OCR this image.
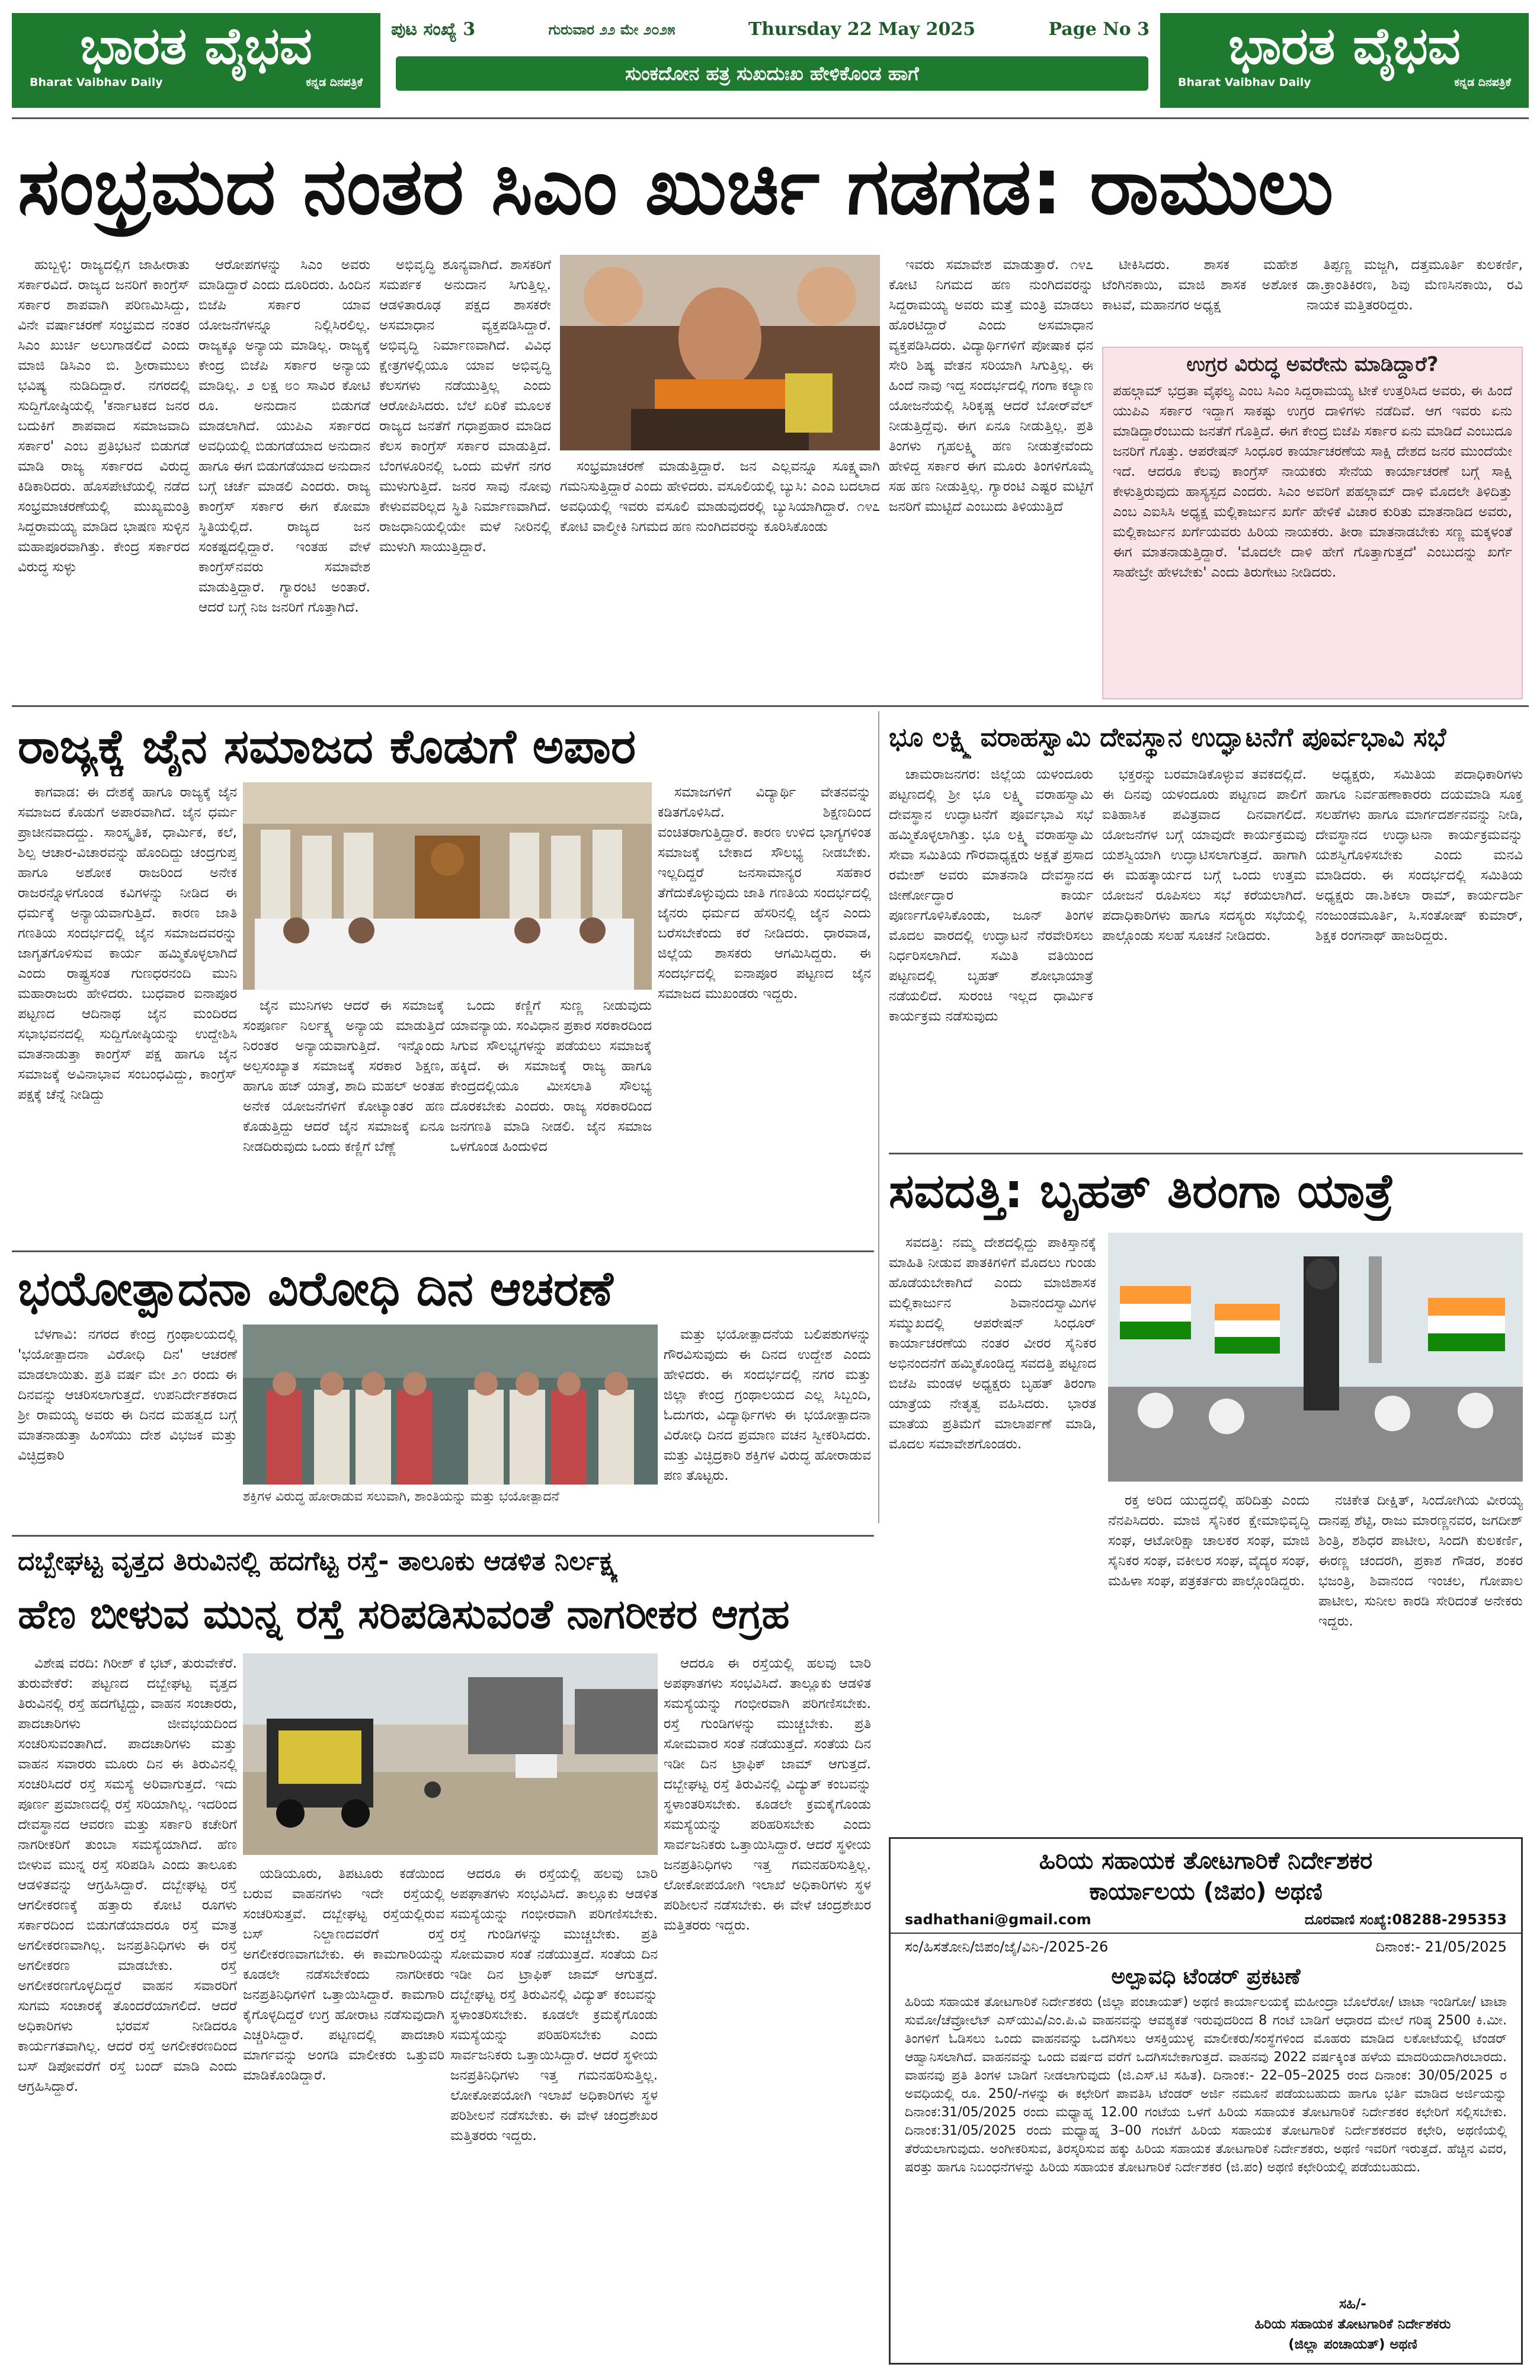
ಭಾರತ ವೈಭವ
Bharat Vaibhav Daily	ಕನ್ನಡ ದಿನಪತ್ರಿಕೆ
ಪುಟ ಸಂಖ್ಯೆ 3	ಗುರುವಾರ ೨೨ ಮೇ ೨೦೨೫	Thursday 22 May 2025	Page No 3
ಸುಂಕದೋನ ಹತ್ರ ಸುಖದುಃಖ ಹೇಳಿಕೊಂಡ ಹಾಗೆ	ಭಾರತ ವೈಭವ
Bharat Vaibhav Daily	ಕನ್ನಡ ದಿನಪತ್ರಿಕೆ
ಸಂಭ್ರಮದ ನಂತರ ಸಿಎಂ ಖುರ್ಚಿ ಗಡಗಡ: ರಾಮುಲು

ಹುಬ್ಬಳ್ಳಿ: ರಾಜ್ಯದಲ್ಲಿಗ ಜಾಹೀರಾತು ಸರ್ಕಾರವಿದೆ. ರಾಜ್ಯದ ಜನರಿಗೆ ಕಾಂಗ್ರೆಸ್ ಸರ್ಕಾರ ಶಾಪವಾಗಿ ಪರಿಣಮಿಸಿದ್ದು, ವಿನೇ ವರ್ಷಾಚರಣೆ ಸಂಭ್ರಮದ ನಂತರ ಸಿಎಂ ಖುರ್ಚಿ ಅಲುಗಾಡಲಿದೆ ಎಂದು ಮಾಜಿ ಡಿಸಿಎಂ ಬಿ. ಶ್ರೀರಾಮುಲು ಭವಿಷ್ಯ ನುಡಿದಿದ್ದಾರೆ. ನಗರದಲ್ಲಿ ಸುದ್ದಿಗೋಷ್ಠಿಯಲ್ಲಿ 'ಕರ್ನಾಟಕದ ಜನರ ಬದುಕಿಗೆ ಶಾಪವಾದ ಸಮಾಜವಾದಿ ಸರ್ಕಾರ' ಎಂಬ ಪ್ರತಿಭಟನೆ ಬಿಡುಗಡೆ ಮಾಡಿ ರಾಜ್ಯ ಸರ್ಕಾರದ ವಿರುದ್ಧ ಕಿಡಿಕಾರಿದರು. ಹೊಸಪೇಟೆಯಲ್ಲಿ ನಡೆದ ಸಂಭ್ರಮಾಚರಣೆಯಲ್ಲಿ ಮುಖ್ಯಮಂತ್ರಿ ಸಿದ್ದರಾಮಯ್ಯ ಮಾಡಿದ ಭಾಷಣ ಸುಳ್ಳಿನ ಮಹಾಪೂರವಾಗಿತ್ತು. ಕೇಂದ್ರ ಸರ್ಕಾರದ ವಿರುದ್ಧ ಸುಳ್ಳು

ಆರೋಪಗಳನ್ನು ಸಿಎಂ ಅವರು ಮಾಡಿದ್ದಾರೆ ಎಂದು ದೂರಿದರು. ಹಿಂದಿನ ಬಿಜೆಪಿ ಸರ್ಕಾರ ಯಾವ ಯೋಜನೆಗಳನ್ನೂ ನಿಲ್ಲಿಸಿರಲಿಲ್ಲ. ರಾಜ್ಯಕ್ಕೂ ಅನ್ಯಾಯ ಮಾಡಿಲ್ಲ. ರಾಜ್ಯಕ್ಕೆ ಕೇಂದ್ರ ಬಿಜೆಪಿ ಸರ್ಕಾರ ಅನ್ಯಾಯ ಮಾಡಿಲ್ಲ. ೨ ಲಕ್ಷ ೮೦ ಸಾವಿರ ಕೋಟಿ ರೂ. ಅನುದಾನ ಬಿಡುಗಡೆ ಮಾಡಲಾಗಿದೆ. ಯುಪಿಎ ಸರ್ಕಾರದ ಅವಧಿಯಲ್ಲಿ ಬಿಡುಗಡೆಯಾದ ಅನುದಾನ ಹಾಗೂ ಈಗ ಬಿಡುಗಡೆಯಾದ ಅನುದಾನ ಬಗ್ಗೆ ಚರ್ಚೆ ಮಾಡಲಿ ಎಂದರು. ರಾಜ್ಯ ಕಾಂಗ್ರೆಸ್ ಸರ್ಕಾರ ಈಗ ಕೋಮಾ ಸ್ಥಿತಿಯಲ್ಲಿದೆ. ರಾಜ್ಯದ ಜನ ಸಂಕಷ್ಟದಲ್ಲಿದ್ದಾರೆ. ಇಂತಹ ವೇಳೆ ಕಾಂಗ್ರೆಸ್‌ನವರು ಸಮಾವೇಶ ಮಾಡುತ್ತಿದ್ದಾರೆ. ಗ್ಯಾರಂಟಿ ಅಂತಾರೆ. ಆದರೆ ಬಗ್ಗೆ ನಿಜ ಜನರಿಗೆ ಗೊತ್ತಾಗಿದೆ.

ಅಭಿವೃದ್ಧಿ ಶೂನ್ಯವಾಗಿದೆ. ಶಾಸಕರಿಗೆ ಸಮರ್ಪಕ ಅನುದಾನ ಸಿಗುತ್ತಿಲ್ಲ. ಆಡಳಿತಾರೂಢ ಪಕ್ಷದ ಶಾಸಕರೇ ಅಸಮಾಧಾನ ವ್ಯಕ್ತಪಡಿಸಿದ್ದಾರೆ. ಅಭಿವೃದ್ಧಿ ನಿರ್ಮಾಣವಾಗಿದೆ. ವಿವಿಧ ಕ್ಷೇತ್ರಗಳಲ್ಲಿಯೂ ಯಾವ ಅಭಿವೃದ್ಧಿ ಕೆಲಸಗಳು ನಡೆಯುತ್ತಿಲ್ಲ ಎಂದು ಆರೋಪಿಸಿದರು. ಬೆಲೆ ಏರಿಕೆ ಮೂಲಕ ರಾಜ್ಯದ ಜನತೆಗೆ ಗಧಾಪ್ರಹಾರ ಮಾಡಿದ ಕೆಲಸ ಕಾಂಗ್ರೆಸ್ ಸರ್ಕಾರ ಮಾಡುತ್ತಿದೆ. ಬೆಂಗಳೂರಿನಲ್ಲಿ ಒಂದು ಮಳೆಗೆ ನಗರ ಮುಳುಗುತ್ತಿದೆ. ಜನರ ಸಾವು ನೋವು ಕೇಳುವವರಿಲ್ಲದ ಸ್ಥಿತಿ ನಿರ್ಮಾಣವಾಗಿದೆ. ರಾಜಧಾನಿಯಲ್ಲಿಯೇ ಮಳೆ ನೀರಿನಲ್ಲಿ ಮುಳುಗಿ ಸಾಯುತ್ತಿದ್ದಾರೆ.

ಸಂಭ್ರಮಾಚರಣೆ ಮಾಡುತ್ತಿದ್ದಾರೆ. ಜನ ಎಲ್ಲವನ್ನೂ ಸೂಕ್ಷ್ಮವಾಗಿ ಗಮನಿಸುತ್ತಿದ್ದಾರೆ ಎಂದು ಹೇಳಿದರು. ವಸೂಲಿಯಲ್ಲಿ ಬ್ಯುಸಿ: ಎಂಎ ಬದಲಾದ ಅವಧಿಯಲ್ಲಿ ಇವರು ವಸೂಲಿ ಮಾಡುವುದರಲ್ಲಿ ಬ್ಯುಸಿಯಾಗಿದ್ದಾರೆ. ೧೪೭ ಕೋಟಿ ವಾಲ್ಮೀಕಿ ನಿಗಮದ ಹಣ ನುಂಗಿದವರನ್ನು ಕೂರಿಸಿಕೊಂಡು

ಇವರು ಸಮಾವೇಶ ಮಾಡುತ್ತಾರೆ. ೧೪೭ ಕೋಟಿ ನಿಗಮದ ಹಣ ನುಂಗಿದವರನ್ನು ಸಿದ್ದರಾಮಯ್ಯ ಅವರು ಮತ್ತೆ ಮಂತ್ರಿ ಮಾಡಲು ಹೊರಟಿದ್ದಾರೆ ಎಂದು ಅಸಮಾಧಾನ ವ್ಯಕ್ತಪಡಿಸಿದರು. ವಿದ್ಯಾರ್ಥಿಗಳಿಗೆ ಪೋಷಾಕ ಧನ ಸೇರಿ ಶಿಷ್ಯ ವೇತನ ಸರಿಯಾಗಿ ಸಿಗುತ್ತಿಲ್ಲ. ಈ ಹಿಂದೆ ನಾವು ಇದ್ದ ಸಂದರ್ಭದಲ್ಲಿ ಗಂಗಾ ಕಲ್ಯಾಣ ಯೋಜನೆಯಲ್ಲಿ ಸಿರಿಕೃಷ್ಣ ಆದರೆ ಬೋರ್‌ವೆಲ್ ನೀಡುತ್ತಿದ್ದೆವು. ಈಗ ಏನೂ ನೀಡುತ್ತಿಲ್ಲ. ಪ್ರತಿ ತಿಂಗಳು ಗೃಹಲಕ್ಷ್ಮಿ ಹಣ ನೀಡುತ್ತೇವೆಂದು ಹೇಳಿದ್ದ ಸರ್ಕಾರ ಈಗ ಮೂರು ತಿಂಗಳಿಗೊಮ್ಮೆ ಸಹ ಹಣ ನೀಡುತ್ತಿಲ್ಲ. ಗ್ಯಾರಂಟಿ ಎಷ್ಟರ ಮಟ್ಟಿಗೆ ಜನರಿಗೆ ಮುಟ್ಟಿದೆ ಎಂಬುದು ತಿಳಿಯುತ್ತಿದೆ

ಟೀಕಿಸಿದರು. ಶಾಸಕ ಮಹೇಶ ಟೆಂಗಿನಕಾಯಿ, ಮಾಜಿ ಶಾಸಕ ಅಶೋಕ ಕಾಟವೆ, ಮಹಾನಗರ ಅಧ್ಯಕ್ಷ

ತಿಪ್ಪಣ್ಣ ಮಜ್ಜಗಿ, ದತ್ತಮೂರ್ತಿ ಕುಲಕರ್ಣಿ, ಡಾ.ಕ್ರಾಂತಿಕಿರಣ, ಶಿವು ಮೆಣಸಿನಕಾಯಿ, ರವಿ ನಾಯಕ ಮತ್ತಿತರರಿದ್ದರು.

ಉಗ್ರರ ವಿರುದ್ಧ ಅವರೇನು ಮಾಡಿದ್ದಾರೆ?
ಪಹಲ್ಗಾಮ್ ಭದ್ರತಾ ವೈಫಲ್ಯ ಎಂಬ ಸಿಎಂ ಸಿದ್ದರಾಮಯ್ಯ ಟೀಕೆ ಉತ್ತರಿಸಿದ ಅವರು, ಈ ಹಿಂದೆ ಯುಪಿಎ ಸರ್ಕಾರ ಇದ್ದಾಗ ಸಾಕಷ್ಟು ಉಗ್ರರ ದಾಳಿಗಳು ನಡೆದಿವೆ. ಆಗ ಇವರು ಏನು ಮಾಡಿದ್ದಾರೆಂಬುದು ಜನತೆಗೆ ಗೊತ್ತಿದೆ. ಈಗ ಕೇಂದ್ರ ಬಿಜೆಪಿ ಸರ್ಕಾರ ಏನು ಮಾಡಿದೆ ಎಂಬುದೂ ಜನರಿಗೆ ಗೊತ್ತು. ಆಪರೇಷನ್ ಸಿಂಧೂರ ಕಾರ್ಯಾಚರಣೆಯ ಸಾಕ್ಷಿ ದೇಶದ ಜನರ ಮುಂದೆಯೇ ಇದೆ. ಆದರೂ ಕೆಲವು ಕಾಂಗ್ರೆಸ್ ನಾಯಕರು ಸೇನೆಯ ಕಾರ್ಯಾಚರಣೆ ಬಗ್ಗೆ ಸಾಕ್ಷಿ ಕೇಳುತ್ತಿರುವುದು ಹಾಸ್ಯಸ್ಪದ ಎಂದರು. ಸಿಎಂ ಅವರಿಗೆ ಪಹಲ್ಗಾಮ್ ದಾಳಿ ಮೊದಲೇ ತಿಳಿದಿತ್ತು ಎಂಬ ಎಐಸಿಸಿ ಅಧ್ಯಕ್ಷ ಮಲ್ಲಿಕಾರ್ಜುನ ಖರ್ಗೆ ಹೇಳಿಕೆ ವಿಚಾರ ಕುರಿತು ಮಾತನಾಡಿದ ಅವರು, ಮಲ್ಲಿಕಾರ್ಜುನ ಖರ್ಗೆಯವರು ಹಿರಿಯ ನಾಯಕರು. ತೀರಾ ಮಾತನಾಡಬೇಕು ಸಣ್ಣ ಮಕ್ಕಳಂತೆ ಈಗ ಮಾತನಾಡುತ್ತಿದ್ದಾರೆ. 'ಮೊದಲೇ ದಾಳಿ ಹೇಗೆ ಗೊತ್ತಾಗುತ್ತದೆ' ಎಂಬುದನ್ನು ಖರ್ಗೆ ಸಾಹೇಬ್ರೇ ಹೇಳಬೇಕು' ಎಂದು ತಿರುಗೇಟು ನೀಡಿದರು.
ರಾಜ್ಯಕ್ಕೆ ಜೈನ ಸಮಾಜದ ಕೊಡುಗೆ ಅಪಾರ

ಕಾಗವಾಡ: ಈ ದೇಶಕ್ಕೆ ಹಾಗೂ ರಾಜ್ಯಕ್ಕೆ ಜೈನ ಸಮಾಜದ ಕೊಡುಗೆ ಅಪಾರವಾಗಿದೆ. ಜೈನ ಧರ್ಮ ಪ್ರಾಚೀನವಾದದ್ದು. ಸಾಂಸ್ಕೃತಿಕ, ಧಾರ್ಮಿಕ, ಕಲೆ, ಶಿಲ್ಪ ಆಚಾರ-ವಿಚಾರವನ್ನು ಹೊಂದಿದ್ದು ಚಂದ್ರಗುಪ್ತ ಹಾಗೂ ಅಶೋಕ ರಾಜರಿಂದ ಅನೇಕ ರಾಜರನ್ನೊಳಗೊಂಡ ಕವಿಗಳನ್ನು ನೀಡಿದ ಈ ಧರ್ಮಕ್ಕೆ ಅನ್ಯಾಯವಾಗುತ್ತಿದೆ. ಕಾರಣ ಜಾತಿ ಗಣತಿಯ ಸಂದರ್ಭದಲ್ಲಿ ಜೈನ ಸಮಾಜದವರನ್ನು ಜಾಗೃತಗೊಳಿಸುವ ಕಾರ್ಯ ಹಮ್ಮಿಕೊಳ್ಳಲಾಗಿದೆ ಎಂದು ರಾಷ್ಟ್ರಸಂತ ಗುಣಧರನಂದಿ ಮುನಿ ಮಹಾರಾಜರು ಹೇಳಿದರು. ಬುಧವಾರ ಐನಾಪೂರ ಪಟ್ಟಣದ ಆದಿನಾಥ ಜೈನ ಮಂದಿರದ ಸಭಾಭವನದಲ್ಲಿ ಸುದ್ದಿಗೋಷ್ಠಿಯನ್ನು ಉದ್ದೇಶಿಸಿ ಮಾತನಾಡುತ್ತಾ ಕಾಂಗ್ರೆಸ್ ಪಕ್ಷ ಹಾಗೂ ಜೈನ ಸಮಾಜಕ್ಕೆ ಅವಿನಾಭಾವ ಸಂಬಂಧವಿದ್ದು, ಕಾಂಗ್ರೆಸ್ ಪಕ್ಷಕ್ಕೆ ಚೆನ್ನೆ ನೀಡಿದ್ದು

ಜೈನ ಮುನಿಗಳು ಆದರೆ ಈ ಸಮಾಜಕ್ಕೆ ಸಂಪೂರ್ಣ ನಿರ್ಲಕ್ಷ್ಯ ಅನ್ಯಾಯ ಮಾಡುತ್ತಿದೆ ನಿರಂತರ ಅನ್ಯಾಯವಾಗುತ್ತಿದೆ. ಇನ್ನೊಂದು ಅಲ್ಪಸಂಖ್ಯಾತ ಸಮಾಜಕ್ಕೆ ಸರಕಾರ ಶಿಕ್ಷಣ, ಹಾಗೂ ಹಜ್ ಯಾತ್ರೆ, ಶಾದಿ ಮಹಲ್ ಅಂತಹ ಅನೇಕ ಯೋಜನೆಗಳಿಗೆ ಕೋಟ್ಯಾಂತರ ಹಣ ಕೊಡುತ್ತಿದ್ದು ಆದರೆ ಜೈನ ಸಮಾಜಕ್ಕೆ ಏನೂ ನೀಡದಿರುವುದು ಒಂದು ಕಣ್ಣಿಗೆ ಬೆಣ್ಣೆ

ಒಂದು ಕಣ್ಣಿಗೆ ಸುಣ್ಣ ನೀಡುವುದು ಯಾವನ್ಯಾಯ. ಸಂವಿಧಾನ ಪ್ರಕಾರ ಸರಕಾರದಿಂದ ಸಿಗುವ ಸೌಲಭ್ಯಗಳನ್ನು ಪಡೆಯಲು ಸಮಾಜಕ್ಕೆ ಹಕ್ಕಿದೆ. ಈ ಸಮಾಜಕ್ಕೆ ರಾಜ್ಯ ಹಾಗೂ ಕೇಂದ್ರದಲ್ಲಿಯೂ ಮೀಸಲಾತಿ ಸೌಲಭ್ಯ ದೊರಕಬೇಕು ಎಂದರು. ರಾಜ್ಯ ಸರಕಾರದಿಂದ ಜನಗಣತಿ ಮಾಡಿ ನೀಡಲಿ. ಜೈನ ಸಮಾಜ ಒಳಗೊಂಡ ಹಿಂದುಳಿದ

ಸಮಾಜಗಳಿಗೆ ವಿದ್ಯಾರ್ಥಿ ವೇತನವನ್ನು ಕಡಿತಗೊಳಿಸಿದೆ. ಶಿಕ್ಷಣದಿಂದ ವಂಚಿತರಾಗುತ್ತಿದ್ದಾರೆ. ಕಾರಣ ಉಳಿದ ಭಾಗ್ಯಗಳಿಂತ ಸಮಾಜಕ್ಕೆ ಬೇಕಾದ ಸೌಲಭ್ಯ ನೀಡಬೇಕು. ಇಲ್ಲದಿದ್ದರೆ ಜನಸಾಮಾನ್ಯರ ಸಹಕಾರ ತೆಗೆದುಕೊಳ್ಳುವುದು ಜಾತಿ ಗಣತಿಯ ಸಂದರ್ಭದಲ್ಲಿ ಜೈನರು ಧರ್ಮದ ಹೆಸರಿನಲ್ಲಿ ಜೈನ ಎಂದು ಬರೆಸಬೇಕೆಂದು ಕರೆ ನೀಡಿದರು. ಧಾರವಾಡ, ಜಿಲ್ಲೆಯ ಶಾಸಕರು ಆಗಮಿಸಿದ್ದರು. ಈ ಸಂದರ್ಭದಲ್ಲಿ ಐನಾಪೂರ ಪಟ್ಟಣದ ಜೈನ ಸಮಾಜದ ಮುಖಂಡರು ಇದ್ದರು.

ಭೂ ಲಕ್ಷ್ಮಿ ವರಾಹಸ್ವಾಮಿ ದೇವಸ್ಥಾನ ಉದ್ಘಾಟನೆಗೆ ಪೂರ್ವಭಾವಿ ಸಭೆ

ಚಾಮರಾಜನಗರ: ಜಿಲ್ಲೆಯ ಯಳಂದೂರು ಪಟ್ಟಣದಲ್ಲಿ ಶ್ರೀ ಭೂ ಲಕ್ಷ್ಮಿ ವರಾಹಸ್ವಾಮಿ ದೇವಸ್ಥಾನ ಉದ್ಘಾಟನೆಗೆ ಪೂರ್ವಭಾವಿ ಸಭೆ ಹಮ್ಮಿಕೊಳ್ಳಲಾಗಿತ್ತು. ಭೂ ಲಕ್ಷ್ಮಿ ವರಾಹಸ್ವಾಮಿ ಸೇವಾ ಸಮಿತಿಯ ಗೌರವಾಧ್ಯಕ್ಷರು ಅಕ್ಷತೆ ಪ್ರಸಾದ ರಮೇಶ್ ಅವರು ಮಾತನಾಡಿ ದೇವಸ್ಥಾನದ ಜೀರ್ಣೋದ್ಧಾರ ಕಾರ್ಯ ಪೂರ್ಣಗೊಳಿಸಿಕೊಂಡು, ಜೂನ್ ತಿಂಗಳ ಮೊದಲ ವಾರದಲ್ಲಿ ಉದ್ಘಾಟನೆ ನೆರವೇರಿಸಲು ನಿರ್ಧರಿಸಲಾಗಿದೆ. ಸಮಿತಿ ವತಿಯಿಂದ ಪಟ್ಟಣದಲ್ಲಿ ಬೃಹತ್ ಶೋಭಾಯಾತ್ರೆ ನಡೆಯಲಿದೆ. ಸುರಂಚಿ ಇಲ್ಲದ ಧಾರ್ಮಿಕ ಕಾರ್ಯಕ್ರಮ ನಡೆಸುವುದು

ಭಕ್ತರನ್ನು ಬರಮಾಡಿಕೊಳ್ಳುವ ತವಕದಲ್ಲಿದೆ. ಈ ದಿನವು ಯಳಂದೂರು ಪಟ್ಟಣದ ಪಾಲಿಗೆ ಐತಿಹಾಸಿಕ ಪವಿತ್ರವಾದ ದಿನವಾಗಲಿದೆ. ಯೋಜನೆಗಳ ಬಗ್ಗೆ ಯಾವುದೇ ಕಾರ್ಯಕ್ರಮವು ಯಶಸ್ವಿಯಾಗಿ ಉದ್ಘಾಟಿಸಲಾಗುತ್ತದೆ. ಹಾಗಾಗಿ ಈ ಮಹತ್ಕಾರ್ಯದ ಬಗ್ಗೆ ಒಂದು ಉತ್ತಮ ಯೋಜನೆ ರೂಪಿಸಲು ಸಭೆ ಕರೆಯಲಾಗಿದೆ. ಪದಾಧಿಕಾರಿಗಳು ಹಾಗೂ ಸದಸ್ಯರು ಸಭೆಯಲ್ಲಿ ಪಾಲ್ಗೊಂಡು ಸಲಹೆ ಸೂಚನೆ ನೀಡಿದರು.

ಅಧ್ಯಕ್ಷರು, ಸಮಿತಿಯ ಪದಾಧಿಕಾರಿಗಳು ಹಾಗೂ ನಿರ್ವಹಣಾಕಾರರು ದಯಮಾಡಿ ಸೂಕ್ತ ಸಲಹೆಗಳು ಹಾಗೂ ಮಾರ್ಗದರ್ಶನವನ್ನು ನೀಡಿ, ದೇವಸ್ಥಾನದ ಉದ್ಘಾಟನಾ ಕಾರ್ಯಕ್ರಮವನ್ನು ಯಶಸ್ವಿಗೊಳಿಸಬೇಕು ಎಂದು ಮನವಿ ಮಾಡಿದರು. ಈ ಸಂದರ್ಭದಲ್ಲಿ ಸಮಿತಿಯ ಅಧ್ಯಕ್ಷರು ಡಾ.ಶಿಕಲಾ ರಾಮ್, ಕಾರ್ಯದರ್ಶಿ ನಂಜುಂಡಮೂರ್ತಿ, ಸಿ.ಸಂತೋಷ್ ಕುಮಾರ್, ಶಿಕ್ಷಕ ರಂಗನಾಥ್ ಹಾಜರಿದ್ದರು.

ಸವದತ್ತಿ: ಬೃಹತ್ ತಿರಂಗಾ ಯಾತ್ರೆ

ಸವದತ್ತಿ: ನಮ್ಮ ದೇಶದಲ್ಲಿದ್ದು ಪಾಕಿಸ್ತಾನಕ್ಕೆ ಮಾಹಿತಿ ನೀಡುವ ಪಾತಕಿಗಳಿಗೆ ಮೊದಲು ಗುಂಡು ಹೊಡೆಯಬೇಕಾಗಿದೆ ಎಂದು ಮಾಜಿಶಾಸಕ ಮಲ್ಲಿಕಾರ್ಜುನ ಶಿವಾನಂದಸ್ವಾಮಿಗಳ ಸಮ್ಮುಖದಲ್ಲಿ ಆಪರೇಷನ್ ಸಿಂಧೂರ್ ಕಾರ್ಯಾಚರಣೆಯ ನಂತರ ವೀರರ ಸೈನಿಕರ ಅಭಿನಂದನೆಗೆ ಹಮ್ಮಿಕೊಂಡಿದ್ದ ಸವದತ್ತಿ ಪಟ್ಟಣದ ಬಿಜೆಪಿ ಮಂಡಳ ಅಧ್ಯಕ್ಷರು ಬೃಹತ್ ತಿರಂಗಾ ಯಾತ್ರೆಯ ನೇತೃತ್ವ ವಹಿಸಿದರು. ಭಾರತ ಮಾತೆಯ ಪ್ರತಿಮೆಗೆ ಮಾಲಾರ್ಪಣೆ ಮಾಡಿ, ಮೊದಲ ಸಮಾವೇಶಗೊಂಡರು.

ರಕ್ತ ಅರಿದ ಯುದ್ಧದಲ್ಲಿ ಹರಿದಿತ್ತು ಎಂದು ನೆನಪಿಸಿದರು. ಮಾಜಿ ಸೈನಿಕರ ಕ್ಷೇಮಾಭಿವೃದ್ಧಿ ಸಂಘ, ಆಟೋರಿಕ್ಷಾ ಚಾಲಕರ ಸಂಘ, ಮಾಜಿ ಸೈನಿಕರ ಸಂಘ, ವಕೀಲರ ಸಂಘ, ವೈದ್ಯರ ಸಂಘ, ಮಹಿಳಾ ಸಂಘ, ಪತ್ರಕರ್ತರು ಪಾಲ್ಗೊಂಡಿದ್ದರು.

ನಚಿಕೇತ ದೀಕ್ಷಿತ್, ಸಿಂದೋಗಿಯ ವೀರಯ್ಯ ದಾನಪ್ಪ ಶೆಟ್ಟಿ, ರಾಜು ಮಾರಣ್ಣನವರ, ಜಗದೀಶ್ ಶಿಂತ್ರಿ, ಶಶಿಧರ ಪಾಟೀಲ, ಸಿಂದಗಿ ಕುಲಕರ್ಣಿ, ಈರಣ್ಣ ಚಂದರಗಿ, ಪ್ರಕಾಶ ಗೌಡರ, ಶಂಕರ ಭಜಂತ್ರಿ, ಶಿವಾನಂದ ಇಂಚಲ, ಗೋಪಾಲ ಪಾಟೀಲ, ಸುನೀಲ ಕಾರಡಿ ಸೇರಿದಂತೆ ಅನೇಕರು ಇದ್ದರು.

ಭಯೋತ್ಪಾದನಾ ವಿರೋಧಿ ದಿನ ಆಚರಣೆ

ಬೆಳಗಾವಿ: ನಗರದ ಕೇಂದ್ರ ಗ್ರಂಥಾಲಯದಲ್ಲಿ 'ಭಯೋತ್ಪಾದನಾ ವಿರೋಧಿ ದಿನ' ಆಚರಣೆ ಮಾಡಲಾಯಿತು. ಪ್ರತಿ ವರ್ಷ ಮೇ ೨೧ ರಂದು ಈ ದಿನವನ್ನು ಆಚರಿಸಲಾಗುತ್ತದೆ. ಉಪನಿರ್ದೇಶಕರಾದ ಶ್ರೀ ರಾಮಯ್ಯ ಅವರು ಈ ದಿನದ ಮಹತ್ವದ ಬಗ್ಗೆ ಮಾತನಾಡುತ್ತಾ ಹಿಂಸೆಯು ದೇಶ ವಿಭಜಕ ಮತ್ತು ವಿಚ್ಛಿದ್ರಕಾರಿ

ಶಕ್ತಿಗಳ ವಿರುದ್ಧ ಹೋರಾಡುವ ಸಲುವಾಗಿ, ಶಾಂತಿಯನ್ನು ಮತ್ತು ಭಯೋತ್ಪಾದನೆ

ಮತ್ತು ಭಯೋತ್ಪಾದನೆಯ ಬಲಿಪಶುಗಳನ್ನು ಗೌರವಿಸುವುದು ಈ ದಿನದ ಉದ್ದೇಶ ಎಂದು ಹೇಳಿದರು. ಈ ಸಂದರ್ಭದಲ್ಲಿ ನಗರ ಮತ್ತು ಜಿಲ್ಲಾ ಕೇಂದ್ರ ಗ್ರಂಥಾಲಯದ ಎಲ್ಲ ಸಿಬ್ಬಂದಿ, ಓದುಗರು, ವಿದ್ಯಾರ್ಥಿಗಳು ಈ ಭಯೋತ್ಪಾದನಾ ವಿರೋಧಿ ದಿನದ ಪ್ರಮಾಣ ವಚನ ಸ್ವೀಕರಿಸಿದರು. ಮತ್ತು ವಿಚ್ಛಿದ್ರಕಾರಿ ಶಕ್ತಿಗಳ ವಿರುದ್ಧ ಹೋರಾಡುವ ಪಣ ತೊಟ್ಟರು.

ದಬ್ಬೇಘಟ್ಟ ವೃತ್ತದ ತಿರುವಿನಲ್ಲಿ ಹದಗೆಟ್ಟ ರಸ್ತೆ- ತಾಲೂಕು ಆಡಳಿತ ನಿರ್ಲಕ್ಷ್ಯ
ಹೆಣ ಬೀಳುವ ಮುನ್ನ ರಸ್ತೆ ಸರಿಪಡಿಸುವಂತೆ ನಾಗರೀಕರ ಆಗ್ರಹ

ವಿಶೇಷ ವರದಿ: ಗಿರೀಶ್ ಕೆ ಭಟ್, ತುರುವೇಕೆರೆ. ತುರುವೇಕೆರೆ: ಪಟ್ಟಣದ ದಬ್ಬೇಘಟ್ಟ ವೃತ್ತದ ತಿರುವಿನಲ್ಲಿ ರಸ್ತೆ ಹದಗೆಟ್ಟಿದ್ದು, ವಾಹನ ಸಂಚಾರರು, ಪಾದಚಾರಿಗಳು ಜೀವಭಯದಿಂದ ಸಂಚರಿಸುವಂತಾಗಿದೆ. ಪಾದಚಾರಿಗಳು ಮತ್ತು ವಾಹನ ಸವಾರರು ಮೂರು ದಿನ ಈ ತಿರುವಿನಲ್ಲಿ ಸಂಚರಿಸಿದರೆ ರಸ್ತೆ ಸಮಸ್ಯೆ ಅರಿವಾಗುತ್ತದೆ. ಇದು ಪೂರ್ಣ ಪ್ರಮಾಣದಲ್ಲಿ ರಸ್ತೆ ಸರಿಯಾಗಿಲ್ಲ. ಇದರಿಂದ ದೇವಸ್ಥಾನದ ಆವರಣ ಮತ್ತು ಸರ್ಕಾರಿ ಕಚೇರಿಗೆ ನಾಗರೀಕರಿಗೆ ತುಂಬಾ ಸಮಸ್ಯೆಯಾಗಿದೆ. ಹೆಣ ಬೀಳುವ ಮುನ್ನ ರಸ್ತೆ ಸರಿಪಡಿಸಿ ಎಂದು ತಾಲೂಕು ಆಡಳಿತವನ್ನು ಆಗ್ರಹಿಸಿದ್ದಾರೆ. ದಬ್ಬೇಘಟ್ಟ ರಸ್ತೆ ಆಗಲೀಕರಣಕ್ಕೆ ಹತ್ತಾರು ಕೋಟಿ ರೂಗಳು ಸರ್ಕಾರದಿಂದ ಬಿಡುಗಡೆಯಾದರೂ ರಸ್ತೆ ಮಾತ್ರ ಅಗಲೀಕರಣವಾಗಿಲ್ಲ. ಜನಪ್ರತಿನಿಧಿಗಳು ಈ ರಸ್ತೆ ಅಗಲೀಕರಣ ಮಾಡಬೇಕು. ರಸ್ತೆ ಅಗಲೀಕರಣಗೊಳ್ಳದಿದ್ದರೆ ವಾಹನ ಸವಾರರಿಗೆ ಸುಗಮ ಸಂಚಾರಕ್ಕೆ ತೊಂದರೆಯಾಗಲಿದೆ. ಆದರೆ ಅಧಿಕಾರಿಗಳು ಭರವಸೆ ನೀಡಿದರೂ ಕಾರ್ಯಗತವಾಗಿಲ್ಲ. ಆದರೆ ರಸ್ತೆ ಅಗಲೀಕರಣದಿಂದ ಬಸ್ ಡಿಪೋವರೆಗೆ ರಸ್ತೆ ಬಂದ್ ಮಾಡಿ ಎಂದು ಆಗ್ರಹಿಸಿದ್ದಾರೆ.

ಯಡಿಯೂರು, ತಿಪಟೂರು ಕಡೆಯಿಂದ ಬರುವ ವಾಹನಗಳು ಇದೇ ರಸ್ತೆಯಲ್ಲಿ ಸಂಚರಿಸುತ್ತವೆ. ದಬ್ಬೇಘಟ್ಟ ರಸ್ತೆಯಲ್ಲಿರುವ ಬಸ್ ನಿಲ್ದಾಣದವರೆಗೆ ರಸ್ತೆ ಅಗಲೀಕರಣವಾಗಬೇಕು. ಈ ಕಾಮಗಾರಿಯನ್ನು ಕೂಡಲೇ ನಡೆಸಬೇಕೆಂದು ನಾಗರೀಕರು ಜನಪ್ರತಿನಿಧಿಗಳಿಗೆ ಒತ್ತಾಯಿಸಿದ್ದಾರೆ. ಕಾಮಗಾರಿ ಕೈಗೊಳ್ಳದಿದ್ದರೆ ಉಗ್ರ ಹೋರಾಟ ನಡೆಸುವುದಾಗಿ ಎಚ್ಚರಿಸಿದ್ದಾರೆ. ಪಟ್ಟಣದಲ್ಲಿ ಪಾದಚಾರಿ ಮಾರ್ಗವನ್ನು ಅಂಗಡಿ ಮಾಲೀಕರು ಒತ್ತುವರಿ ಮಾಡಿಕೊಂಡಿದ್ದಾರೆ.

ಆದರೂ ಈ ರಸ್ತೆಯಲ್ಲಿ ಹಲವು ಬಾರಿ ಅಪಘಾತಗಳು ಸಂಭವಿಸಿದೆ. ತಾಲ್ಲೂಕು ಆಡಳಿತ ಸಮಸ್ಯೆಯನ್ನು ಗಂಭೀರವಾಗಿ ಪರಿಗಣಿಸಬೇಕು. ರಸ್ತೆ ಗುಂಡಿಗಳನ್ನು ಮುಚ್ಚಬೇಕು. ಪ್ರತಿ ಸೋಮವಾರ ಸಂತೆ ನಡೆಯುತ್ತದೆ. ಸಂತೆಯ ದಿನ ಇಡೀ ದಿನ ಟ್ರಾಫಿಕ್ ಜಾಮ್ ಆಗುತ್ತದೆ. ದಬ್ಬೇಘಟ್ಟ ರಸ್ತೆ ತಿರುವಿನಲ್ಲಿ ವಿದ್ಯುತ್ ಕಂಬವನ್ನು ಸ್ಥಳಾಂತರಿಸಬೇಕು. ಕೂಡಲೇ ಕ್ರಮಕೈಗೊಂಡು ಸಮಸ್ಯೆಯನ್ನು ಪರಿಹರಿಸಬೇಕು ಎಂದು ಸಾರ್ವಜನಿಕರು ಒತ್ತಾಯಿಸಿದ್ದಾರೆ. ಆದರೆ ಸ್ಥಳೀಯ ಜನಪ್ರತಿನಿಧಿಗಳು ಇತ್ತ ಗಮನಹರಿಸುತ್ತಿಲ್ಲ. ಲೋಕೋಪಯೋಗಿ ಇಲಾಖೆ ಅಧಿಕಾರಿಗಳು ಸ್ಥಳ ಪರಿಶೀಲನೆ ನಡೆಸಬೇಕು. ಈ ವೇಳೆ ಚಂದ್ರಶೇಖರ ಮತ್ತಿತರರು ಇದ್ದರು.

ಆದರೂ ಈ ರಸ್ತೆಯಲ್ಲಿ ಹಲವು ಬಾರಿ ಅಪಘಾತಗಳು ಸಂಭವಿಸಿದೆ. ತಾಲ್ಲೂಕು ಆಡಳಿತ ಸಮಸ್ಯೆಯನ್ನು ಗಂಭೀರವಾಗಿ ಪರಿಗಣಿಸಬೇಕು. ರಸ್ತೆ ಗುಂಡಿಗಳನ್ನು ಮುಚ್ಚಬೇಕು. ಪ್ರತಿ ಸೋಮವಾರ ಸಂತೆ ನಡೆಯುತ್ತದೆ. ಸಂತೆಯ ದಿನ ಇಡೀ ದಿನ ಟ್ರಾಫಿಕ್ ಜಾಮ್ ಆಗುತ್ತದೆ. ದಬ್ಬೇಘಟ್ಟ ರಸ್ತೆ ತಿರುವಿನಲ್ಲಿ ವಿದ್ಯುತ್ ಕಂಬವನ್ನು ಸ್ಥಳಾಂತರಿಸಬೇಕು. ಕೂಡಲೇ ಕ್ರಮಕೈಗೊಂಡು ಸಮಸ್ಯೆಯನ್ನು ಪರಿಹರಿಸಬೇಕು ಎಂದು ಸಾರ್ವಜನಿಕರು ಒತ್ತಾಯಿಸಿದ್ದಾರೆ. ಆದರೆ ಸ್ಥಳೀಯ ಜನಪ್ರತಿನಿಧಿಗಳು ಇತ್ತ ಗಮನಹರಿಸುತ್ತಿಲ್ಲ. ಲೋಕೋಪಯೋಗಿ ಇಲಾಖೆ ಅಧಿಕಾರಿಗಳು ಸ್ಥಳ ಪರಿಶೀಲನೆ ನಡೆಸಬೇಕು. ಈ ವೇಳೆ ಚಂದ್ರಶೇಖರ ಮತ್ತಿತರರು ಇದ್ದರು.

ಹಿರಿಯ ಸಹಾಯಕ ತೋಟಗಾರಿಕೆ ನಿರ್ದೇಶಕರ
ಕಾರ್ಯಾಲಯ (ಜಿಪಂ) ಅಥಣಿ
sadhathani@gmail.com	ದೂರವಾಣಿ ಸಂಖ್ಯೆ:08288-295353
ಸಂ/ಹಿಸತೋನಿ/ಜಿಪಂ/ಜೈ/ವಿನಿ-/2025-26	ದಿನಾಂಕ:- 21/05/2025
ಅಲ್ಪಾವಧಿ ಟೆಂಡರ್ ಪ್ರಕಟಣೆ
ಹಿರಿಯ ಸಹಾಯಕ ತೋಟಗಾರಿಕೆ ನಿರ್ದೇಶಕರು (ಜಿಲ್ಲಾ ಪಂಚಾಯತ್) ಅಥಣಿ ಕಾರ್ಯಾಲಯಕ್ಕೆ ಮಹೀಂದ್ರಾ ಬೊಲೆರೋ/ ಟಾಟಾ ಇಂಡಿಗೋ/ ಟಾಟಾ ಸುಮೋ/ಚೆವ್ರೋಲೆಟ್ ಎಸ್‌ಯುವಿ/ಎಂ.ಪಿ.ವಿ ವಾಹನವನ್ನು ಆವಶ್ಯಕತೆ ಇರುವುದರಿಂದ 8 ಗಂಟೆ ಬಾಡಿಗೆ ಆಧಾರದ ಮೇಲೆ ಗರಿಷ್ಠ 2500 ಕಿ.ಮೀ. ತಿಂಗಳಿಗೆ ಓಡಿಸಲು ಒಂದು ವಾಹನವನ್ನು ಒದಗಿಸಲು ಆಸಕ್ತಿಯುಳ್ಳ ಮಾಲೀಕರು/ಸಂಸ್ಥೆಗಳಿಂದ ಮೊಹರು ಮಾಡಿದ ಲಕೋಟೆಯಲ್ಲಿ ಟೆಂಡರ್ ಆಹ್ವಾನಿಸಲಾಗಿದೆ. ವಾಹನವನ್ನು ಒಂದು ವರ್ಷದ ವರೆಗೆ ಒದಗಿಸಬೇಕಾಗುತ್ತದೆ. ವಾಹನವು 2022 ವರ್ಷಕ್ಕಿಂತ ಹಳೆಯ ಮಾದರಿಯದಾಗಿರಬಾರದು. ವಾಹನವು ಪ್ರತಿ ತಿಂಗಳ ಬಾಡಿಗೆ ನೀಡಲಾಗುವುದು (ಜಿ.ಎಸ್.ಟಿ ಸಹಿತ). ದಿನಾಂಕ:- 22–05–2025 ರಂದ ದಿನಾಂಕ: 30/05/2025 ರ ಅವಧಿಯಲ್ಲಿ ರೂ. 250/-ಗಳನ್ನು ಈ ಕಛೇರಿಗೆ ಪಾವತಿಸಿ ಟೆಂಡರ್ ಅರ್ಜಿ ನಮೂನೆ ಪಡೆಯಬಹುದು ಹಾಗೂ ಭರ್ತಿ ಮಾಡಿದ ಅರ್ಜಿಯನ್ನು ದಿನಾಂಕ:31/05/2025 ರಂದು ಮಧ್ಯಾಹ್ನ 12.00 ಗಂಟೆಯ ಒಳಗೆ ಹಿರಿಯ ಸಹಾಯಕ ತೋಟಗಾರಿಕೆ ನಿರ್ದೇಶಕರ ಕಛೇರಿಗೆ ಸಲ್ಲಿಸಬೇಕು. ದಿನಾಂಕ:31/05/2025 ರಂದು ಮಧ್ಯಾಹ್ನ 3–00 ಗಂಟೆಗೆ ಹಿರಿಯ ಸಹಾಯಕ ತೋಟಗಾರಿಕೆ ನಿರ್ದೇಶಕರವರ ಕಛೇರಿ, ಅಥಣಿಯಲ್ಲಿ ತೆರೆಯಲಾಗುವುದು. ಅಂಗೀಕರಿಸುವ, ತಿರಸ್ಕರಿಸುವ ಹಕ್ಕು ಹಿರಿಯ ಸಹಾಯಕ ತೋಟಗಾರಿಕೆ ನಿರ್ದೇಶಕರು, ಅಥಣಿ ಇವರಿಗೆ ಇರುತ್ತದೆ. ಹೆಚ್ಚಿನ ವಿವರ, ಷರತ್ತು ಹಾಗೂ ನಿಬಂಧನೆಗಳನ್ನು ಹಿರಿಯ ಸಹಾಯಕ ತೋಟಗಾರಿಕೆ ನಿರ್ದೇಶಕರ (ಜಿ.ಪಂ) ಅಥಣಿ ಕಛೇರಿಯಲ್ಲಿ ಪಡೆಯಬಹುದು.
ಸಹಿ/-
ಹಿರಿಯ ಸಹಾಯಕ ತೋಟಗಾರಿಕೆ ನಿರ್ದೇಶಕರು
(ಜಿಲ್ಲಾ ಪಂಚಾಯತ್) ಅಥಣಿ
